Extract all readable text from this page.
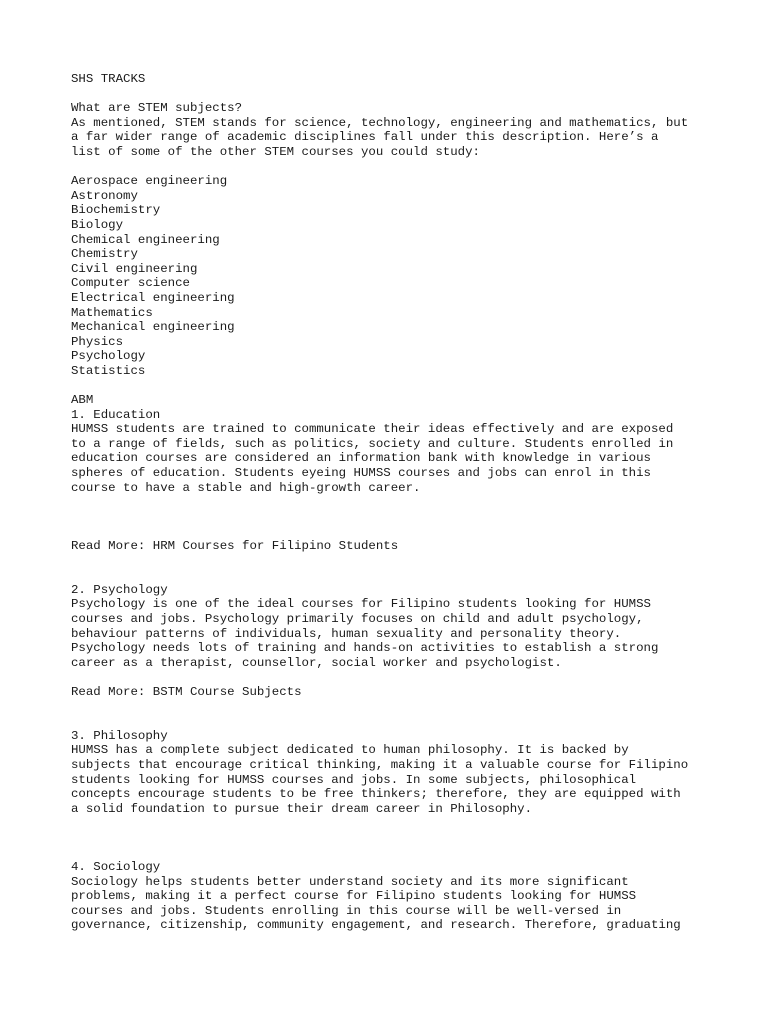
SHS TRACKS
What are STEM subjects?
As mentioned, STEM stands for science, technology, engineering and mathematics, but
a far wider range of academic disciplines fall under this description. Here’s a
list of some of the other STEM courses you could study:
Aerospace engineering
Astronomy
Biochemistry
Biology
Chemical engineering
Chemistry
Civil engineering
Computer science
Electrical engineering
Mathematics
Mechanical engineering
Physics
Psychology
Statistics
ABM
1. Education
HUMSS students are trained to communicate their ideas effectively and are exposed
to a range of fields, such as politics, society and culture. Students enrolled in
education courses are considered an information bank with knowledge in various
spheres of education. Students eyeing HUMSS courses and jobs can enrol in this
course to have a stable and high-growth career.
Read More: HRM Courses for Filipino Students
2. Psychology
Psychology is one of the ideal courses for Filipino students looking for HUMSS
courses and jobs. Psychology primarily focuses on child and adult psychology,
behaviour patterns of individuals, human sexuality and personality theory.
Psychology needs lots of training and hands-on activities to establish a strong
career as a therapist, counsellor, social worker and psychologist.
Read More: BSTM Course Subjects
3. Philosophy
HUMSS has a complete subject dedicated to human philosophy. It is backed by
subjects that encourage critical thinking, making it a valuable course for Filipino
students looking for HUMSS courses and jobs. In some subjects, philosophical
concepts encourage students to be free thinkers; therefore, they are equipped with
a solid foundation to pursue their dream career in Philosophy.
4. Sociology
Sociology helps students better understand society and its more significant
problems, making it a perfect course for Filipino students looking for HUMSS
courses and jobs. Students enrolling in this course will be well-versed in
governance, citizenship, community engagement, and research. Therefore, graduating
